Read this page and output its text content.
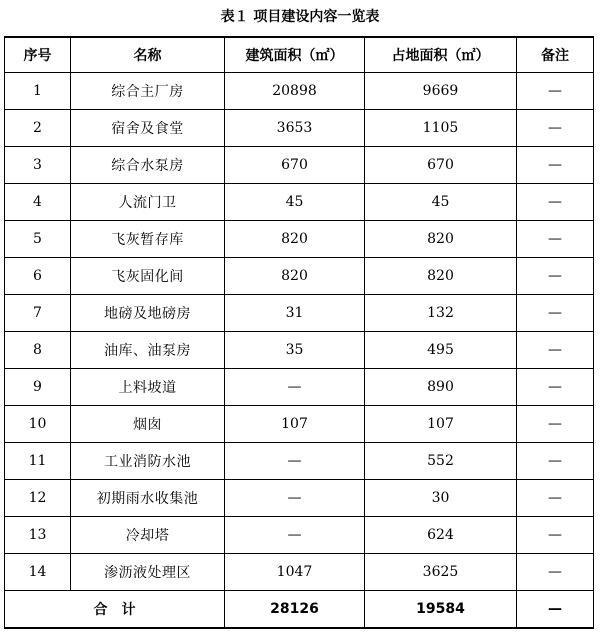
表１ 项目建设内容一览表
序号	名称	建筑面积（㎡）	占地面积（㎡）	备注
1	综合主厂房	20898	9669	—
2	宿舍及食堂	3653	1105	—
3	综合水泵房	670	670	—
4	人流门卫	45	45	—
5	飞灰暂存库	820	820	—
6	飞灰固化间	820	820	—
7	地磅及地磅房	31	132	—
8	油库、油泵房	35	495	—
9	上料坡道	—	890	—
10	烟囱	107	107	—
11	工业消防水池	—	552	—
12	初期雨水收集池	—	30	—
13	冷却塔	—	624	—
14	渗沥液处理区	1047	3625	—
合计		28126	19584	—
